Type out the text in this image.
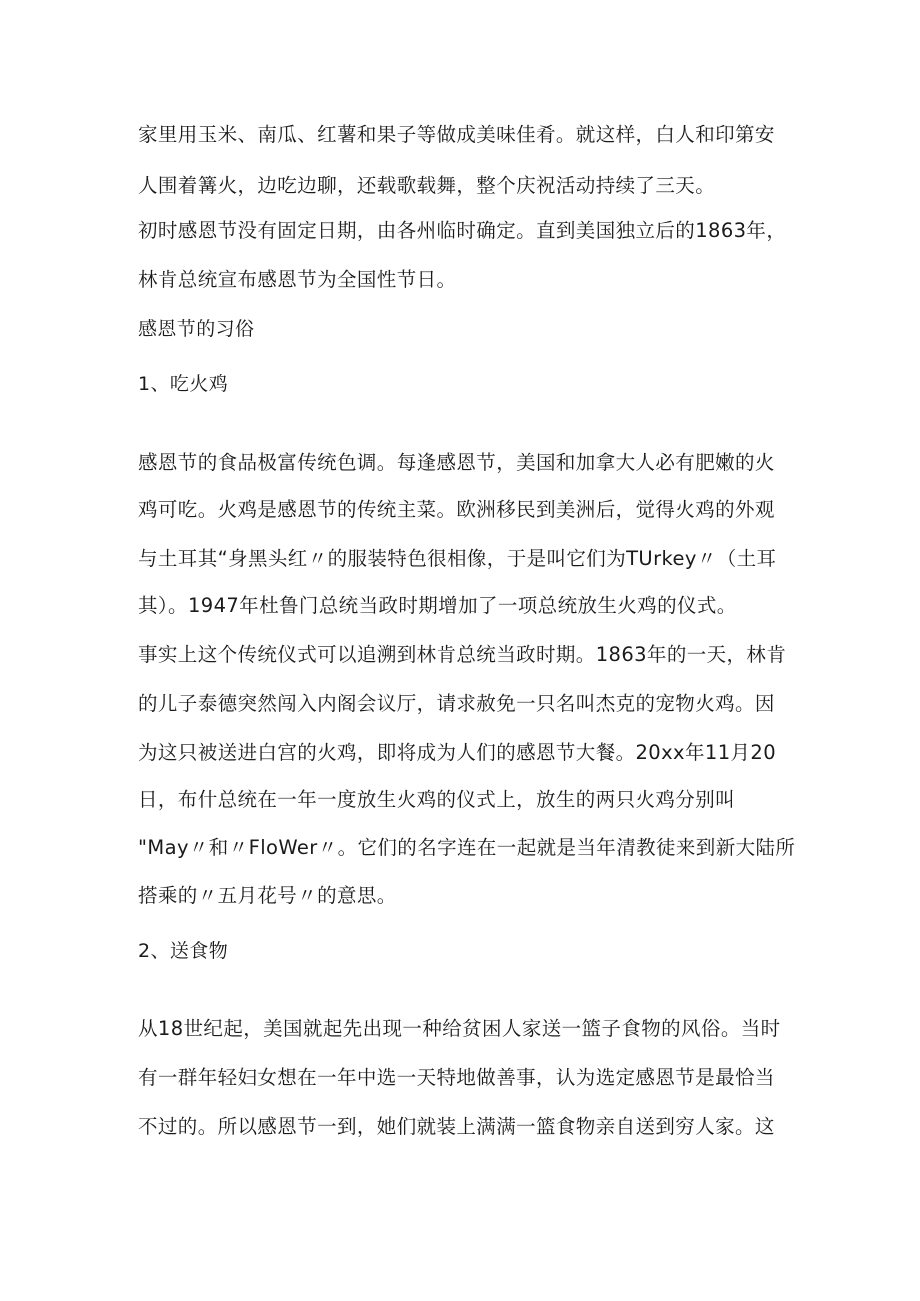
家里用玉米、南瓜、红薯和果子等做成美味佳肴。就这样，白人和印第安

人围着篝火，边吃边聊，还载歌载舞，整个庆祝活动持续了三天。

初时感恩节没有固定日期，由各州临时确定。直到美国独立后的1863年，

林肯总统宣布感恩节为全国性节日。

感恩节的习俗

1、吃火鸡

感恩节的食品极富传统色调。每逢感恩节，美国和加拿大人必有肥嫩的火

鸡可吃。火鸡是感恩节的传统主菜。欧洲移民到美洲后，觉得火鸡的外观

与土耳其“身黑头红〃的服装特色很相像，于是叫它们为TUrkey〃（土耳

其）。1947年杜鲁门总统当政时期增加了一项总统放生火鸡的仪式。

事实上这个传统仪式可以追溯到林肯总统当政时期。1863年的一天，林肯

的儿子泰德突然闯入内阁会议厅，请求赦免一只名叫杰克的宠物火鸡。因

为这只被送进白宫的火鸡，即将成为人们的感恩节大餐。20xx年11月20

日，布什总统在一年一度放生火鸡的仪式上，放生的两只火鸡分别叫

"May〃和〃FloWer〃。它们的名字连在一起就是当年清教徒来到新大陆所

搭乘的〃五月花号〃的意思。

2、送食物

从18世纪起，美国就起先出现一种给贫困人家送一篮子食物的风俗。当时

有一群年轻妇女想在一年中选一天特地做善事，认为选定感恩节是最恰当

不过的。所以感恩节一到，她们就装上满满一篮食物亲自送到穷人家。这
